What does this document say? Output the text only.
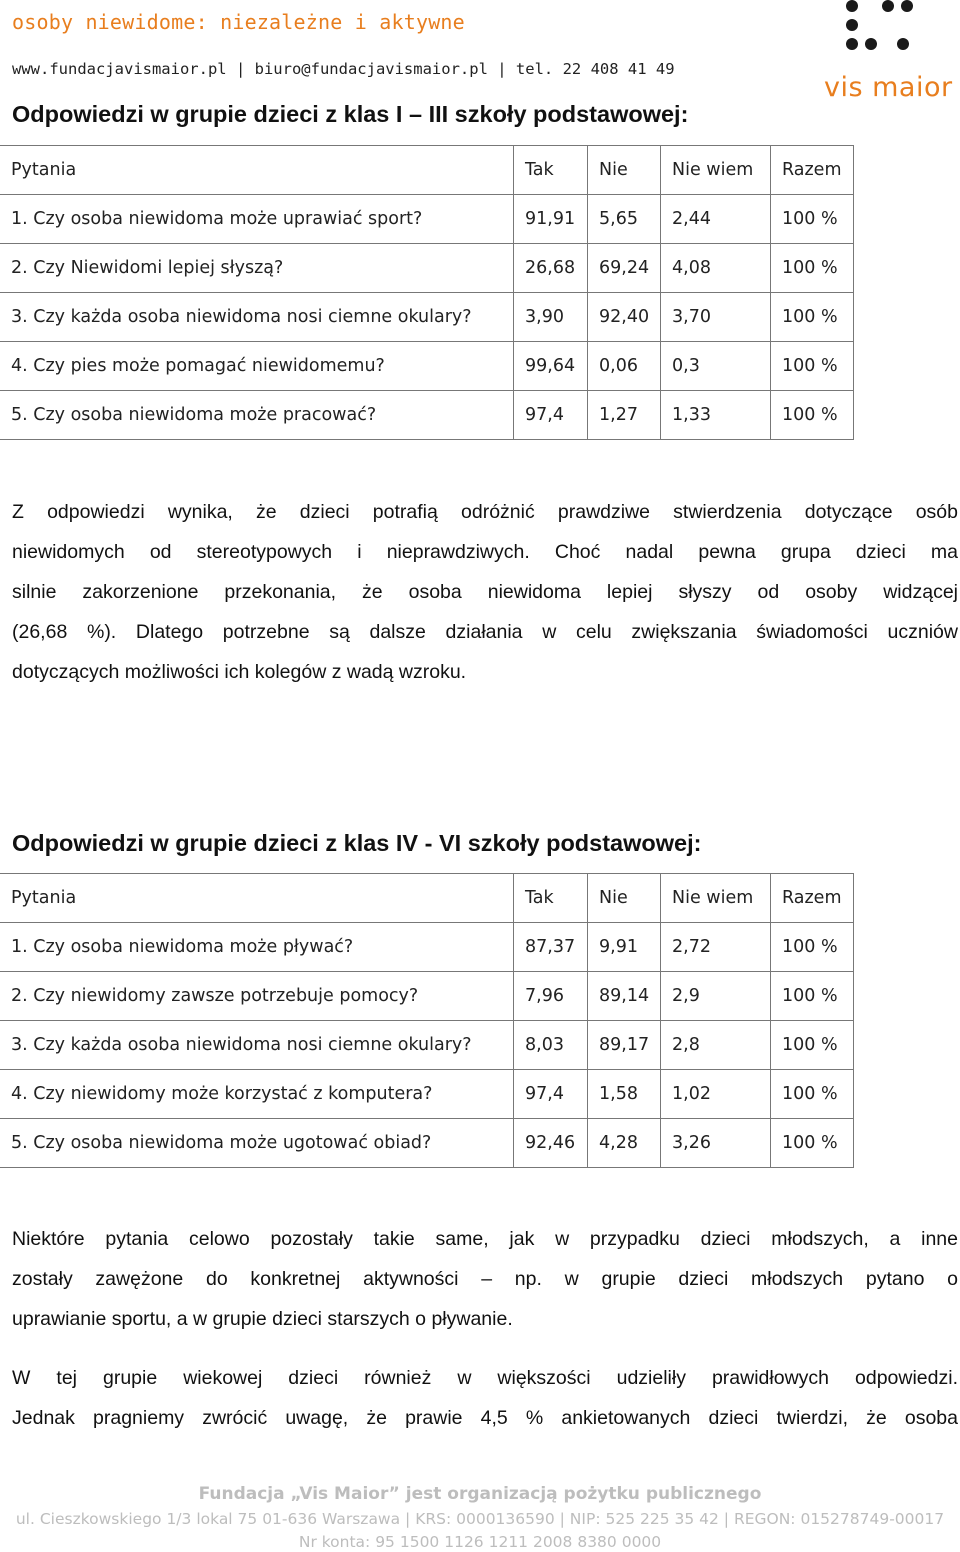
osoby niewidome: niezależne i aktywne
www.fundacjavismaior.pl | biuro@fundacjavismaior.pl | tel. 22 408 41 49
vis maior
Odpowiedzi w grupie dzieci z klas I – III szkoły podstawowej:
Pytania	Tak	Nie	Nie wiem	Razem
1. Czy osoba niewidoma może uprawiać sport?	91,91	5,65	2,44	100 %
2. Czy Niewidomi lepiej słyszą?	26,68	69,24	4,08	100 %
3. Czy każda osoba niewidoma nosi ciemne okulary?	3,90	92,40	3,70	100 %
4. Czy pies może pomagać niewidomemu?	99,64	0,06	0,3	100 %
5. Czy osoba niewidoma może pracować?	97,4	1,27	1,33	100 %
Z odpowiedzi wynika, że dzieci potrafią odróżnić prawdziwe stwierdzenia dotyczące osób
niewidomych od stereotypowych i nieprawdziwych. Choć nadal pewna grupa dzieci ma
silnie zakorzenione przekonania, że osoba niewidoma lepiej słyszy od osoby widzącej
(26,68 %). Dlatego potrzebne są dalsze działania w celu zwiększania świadomości uczniów
dotyczących możliwości ich kolegów z wadą wzroku.
Odpowiedzi w grupie dzieci z klas IV - VI szkoły podstawowej:
Pytania	Tak	Nie	Nie wiem	Razem
1. Czy osoba niewidoma może pływać?	87,37	9,91	2,72	100 %
2. Czy niewidomy zawsze potrzebuje pomocy?	7,96	89,14	2,9	100 %
3. Czy każda osoba niewidoma nosi ciemne okulary?	8,03	89,17	2,8	100 %
4. Czy niewidomy może korzystać z komputera?	97,4	1,58	1,02	100 %
5. Czy osoba niewidoma może ugotować obiad?	92,46	4,28	3,26	100 %
Niektóre pytania celowo pozostały takie same, jak w przypadku dzieci młodszych, a inne
zostały zawężone do konkretnej aktywności – np. w grupie dzieci młodszych pytano o
uprawianie sportu, a w grupie dzieci starszych o pływanie.
W tej grupie wiekowej dzieci również w większości udzieliły prawidłowych odpowiedzi.
Jednak pragniemy zwrócić uwagę, że prawie 4,5 % ankietowanych dzieci twierdzi, że osoba
Fundacja „Vis Maior” jest organizacją pożytku publicznego
ul. Cieszkowskiego 1/3 lokal 75 01-636 Warszawa | KRS: 0000136590 | NIP: 525 225 35 42 | REGON: 015278749-00017
Nr konta: 95 1500 1126 1211 2008 8380 0000
